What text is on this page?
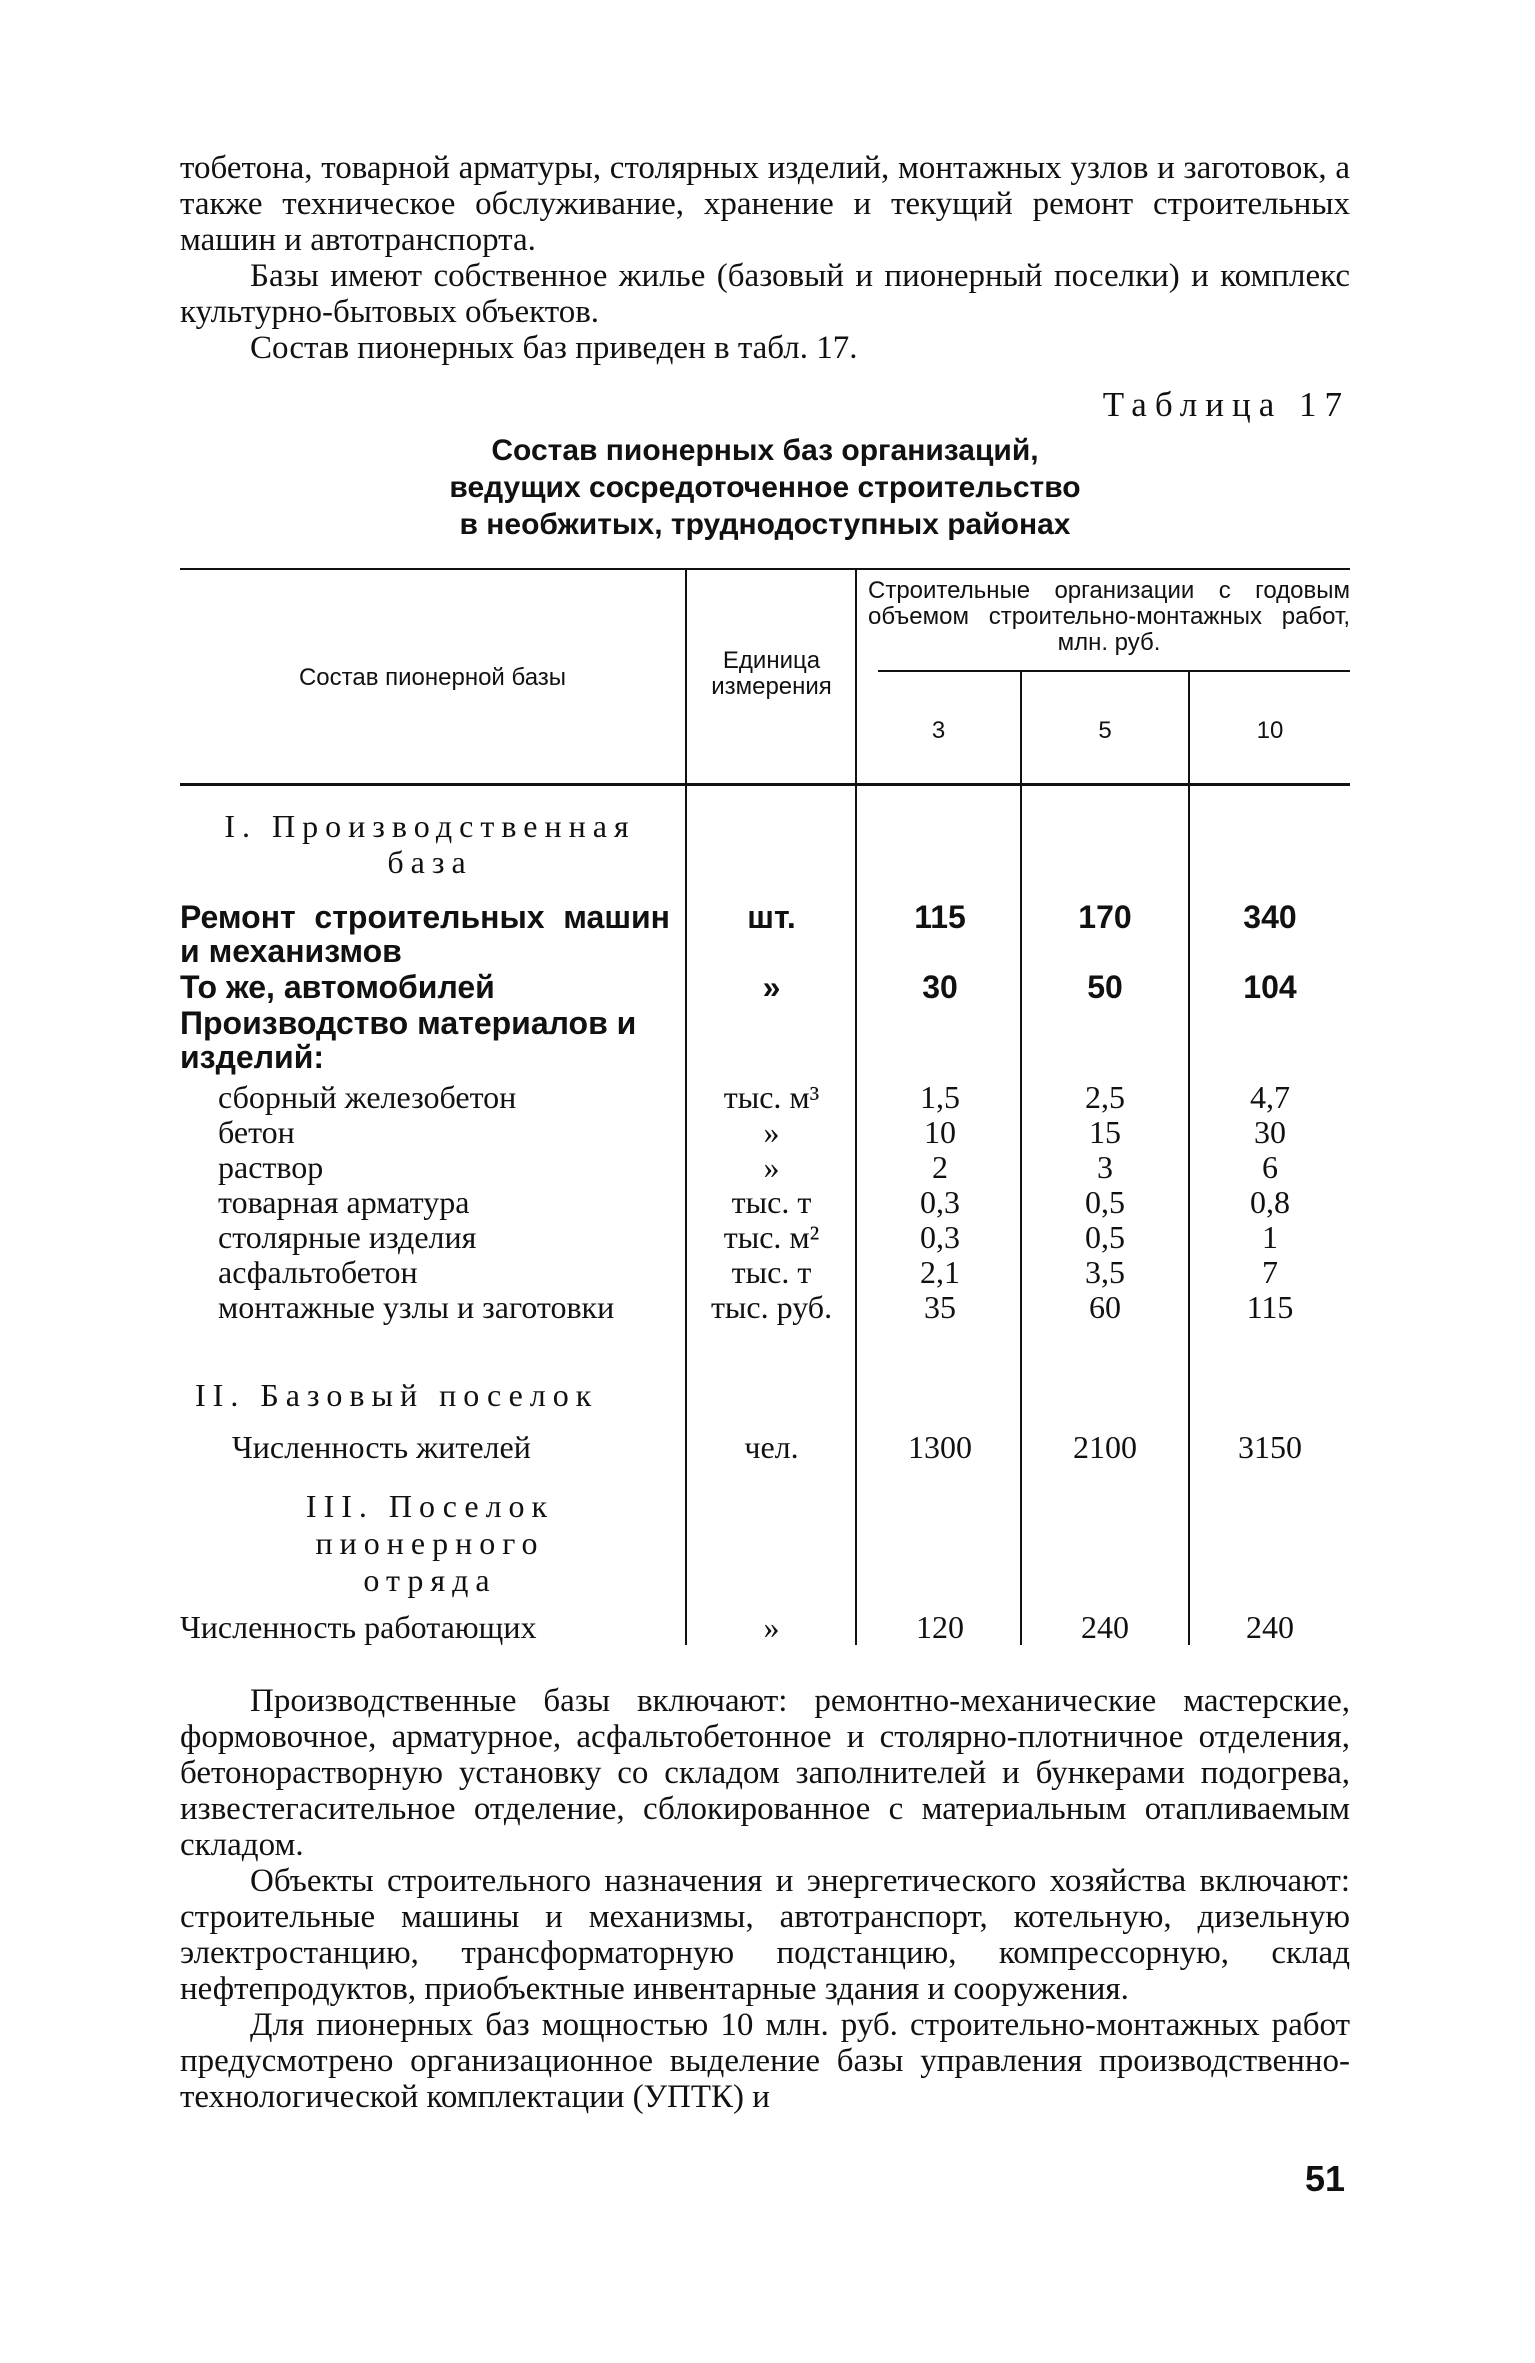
тобетона, товарной арматуры, столярных изделий, монтажных узлов и заготовок, а также техническое обслуживание, хранение и текущий ремонт строительных машин и автотранспорта.

Базы имеют собственное жилье (базовый и пионерный поселки) и комплекс культурно-бытовых объектов.

Состав пионерных баз приведен в табл. 17.

Таблица 17
Состав пионерных баз организаций,
ведущих сосредоточенное строительство
в необжитых, труднодоступных районах
Состав пионерной базы
Единица измерения
Строительные организации с годовым объемом строительно-монтажных работ, млн. руб.
3	5	10
I. Производственная база
Ремонт строительных машин и механизмов
шт.	115	170	340
То же, автомобилей	»	30	50	104
Производство материалов и изделий:
сборный железобетон	тыс. м³	1,5	2,5	4,7
бетон	»	10	15	30
раствор	»	2	3	6
товарная арматура	тыс. т	0,3	0,5	0,8
столярные изделия	тыс. м²	0,3	0,5	1
асфальтобетон	тыс. т	2,1	3,5	7
монтажные узлы и заготовки	тыс. руб.	35	60	115
II. Базовый поселок
Численность жителей	чел.	1300	2100	3150
III. Поселок пионерного отряда
Численность работающих	»	120	240	240

Производственные базы включают: ремонтно-механические мастерские, формовочное, арматурное, асфальтобетонное и столярно-плотничное отделения, бетонорастворную установку со складом заполнителей и бункерами подогрева, известегасительное отделение, сблокированное с материальным отапливаемым складом.

Объекты строительного назначения и энергетического хозяйства включают: строительные машины и механизмы, автотранспорт, котельную, дизельную электростанцию, трансформаторную подстанцию, компрессорную, склад нефтепродуктов, приобъектные инвентарные здания и сооружения.

Для пионерных баз мощностью 10 млн. руб. строительно-монтажных работ предусмотрено организационное выделение базы управления производственно-технологической комплектации (УПТК) и

51
